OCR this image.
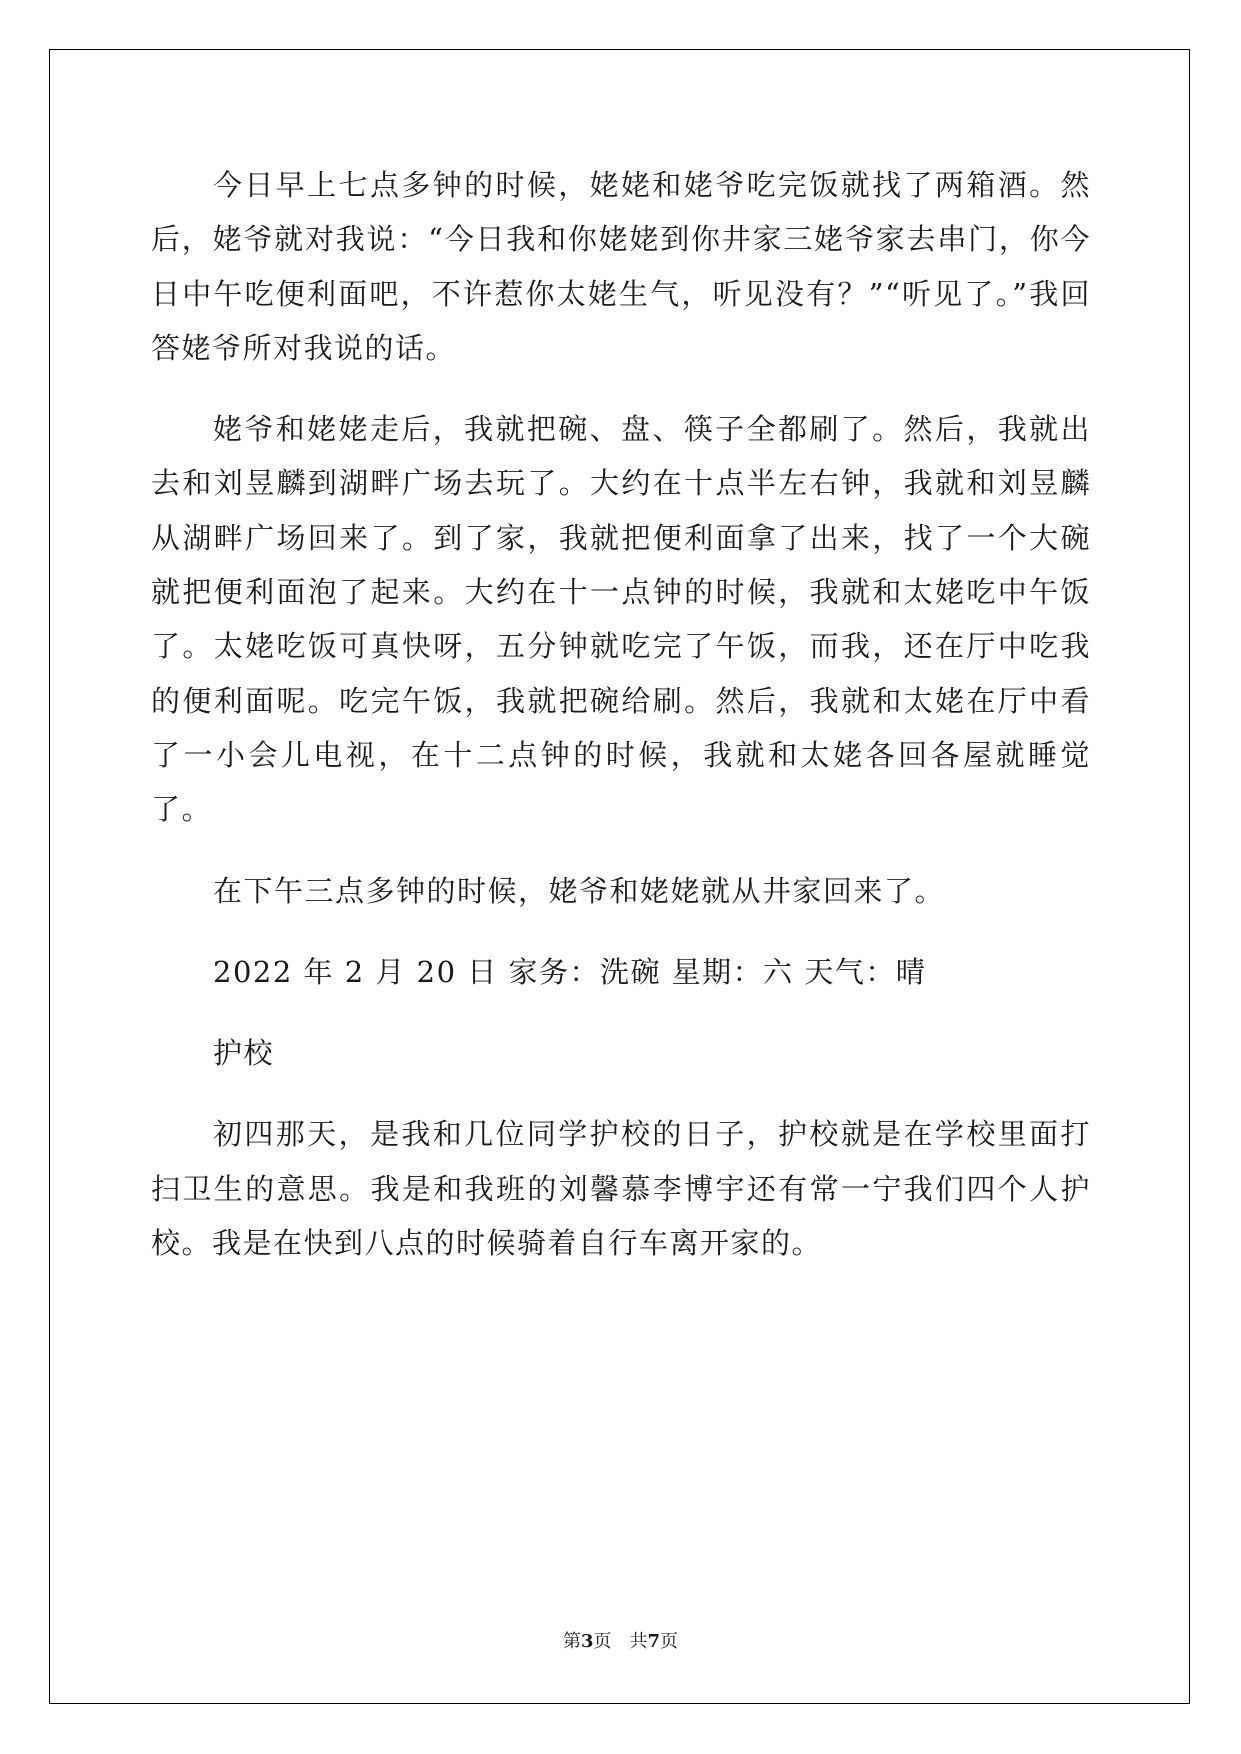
今日早上七点多钟的时候，姥姥和姥爷吃完饭就找了两箱酒。然后，姥爷就对我说：“今日我和你姥姥到你井家三姥爷家去串门，你今日中午吃便利面吧，不许惹你太姥生气，听见没有？”“听见了。”我回答姥爷所对我说的话。

姥爷和姥姥走后，我就把碗、盘、筷子全都刷了。然后，我就出去和刘昱麟到湖畔广场去玩了。大约在十点半左右钟，我就和刘昱麟从湖畔广场回来了。到了家，我就把便利面拿了出来，找了一个大碗就把便利面泡了起来。大约在十一点钟的时候，我就和太姥吃中午饭了。太姥吃饭可真快呀，五分钟就吃完了午饭，而我，还在厅中吃我的便利面呢。吃完午饭，我就把碗给刷。然后，我就和太姥在厅中看了一小会儿电视，在十二点钟的时候，我就和太姥各回各屋就睡觉了。

在下午三点多钟的时候，姥爷和姥姥就从井家回来了。

2022 年 2 月 20 日 家务：洗碗 星期：六 天气：晴

护校

初四那天，是我和几位同学护校的日子，护校就是在学校里面打扫卫生的意思。我是和我班的刘馨慕李博宇还有常一宁我们四个人护校。我是在快到八点的时候骑着自行车离开家的。

第3页 共7页
